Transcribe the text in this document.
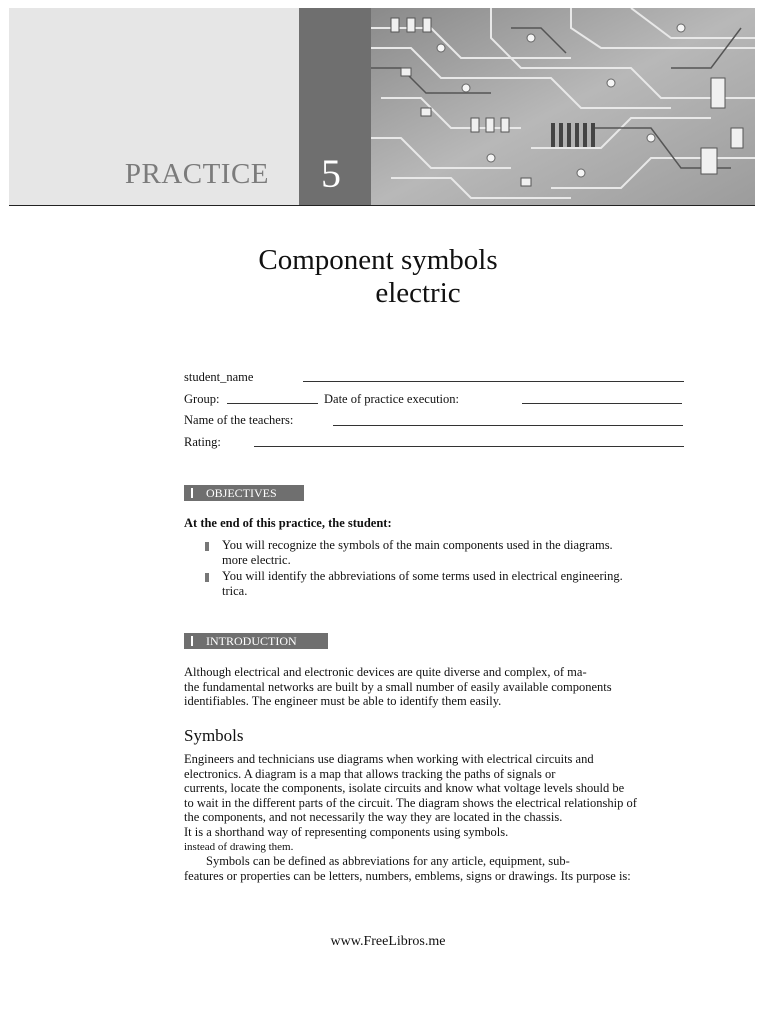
PRACTICE 5
Component symbols
electric
student_name
Group:	Date of practice execution:
Name of the teachers:
Rating:
OBJECTIVES
At the end of this practice, the student:
You will recognize the symbols of the main components used in the diagrams.
more electric.
You will identify the abbreviations of some terms used in electrical engineering.
trica.
INTRODUCTION
Although electrical and electronic devices are quite diverse and complex, of ma-
the fundamental networks are built by a small number of easily available components
identifiables. The engineer must be able to identify them easily.
Symbols
Engineers and technicians use diagrams when working with electrical circuits and
electronics. A diagram is a map that allows tracking the paths of signals or
currents, locate the components, isolate circuits and know what voltage levels should be
to wait in the different parts of the circuit. The diagram shows the electrical relationship of
the components, and not necessarily the way they are located in the chassis.
It is a shorthand way of representing components using symbols.
instead of drawing them.
Symbols can be defined as abbreviations for any article, equipment, sub-
features or properties can be letters, numbers, emblems, signs or drawings. Its purpose is:
www.FreeLibros.me
